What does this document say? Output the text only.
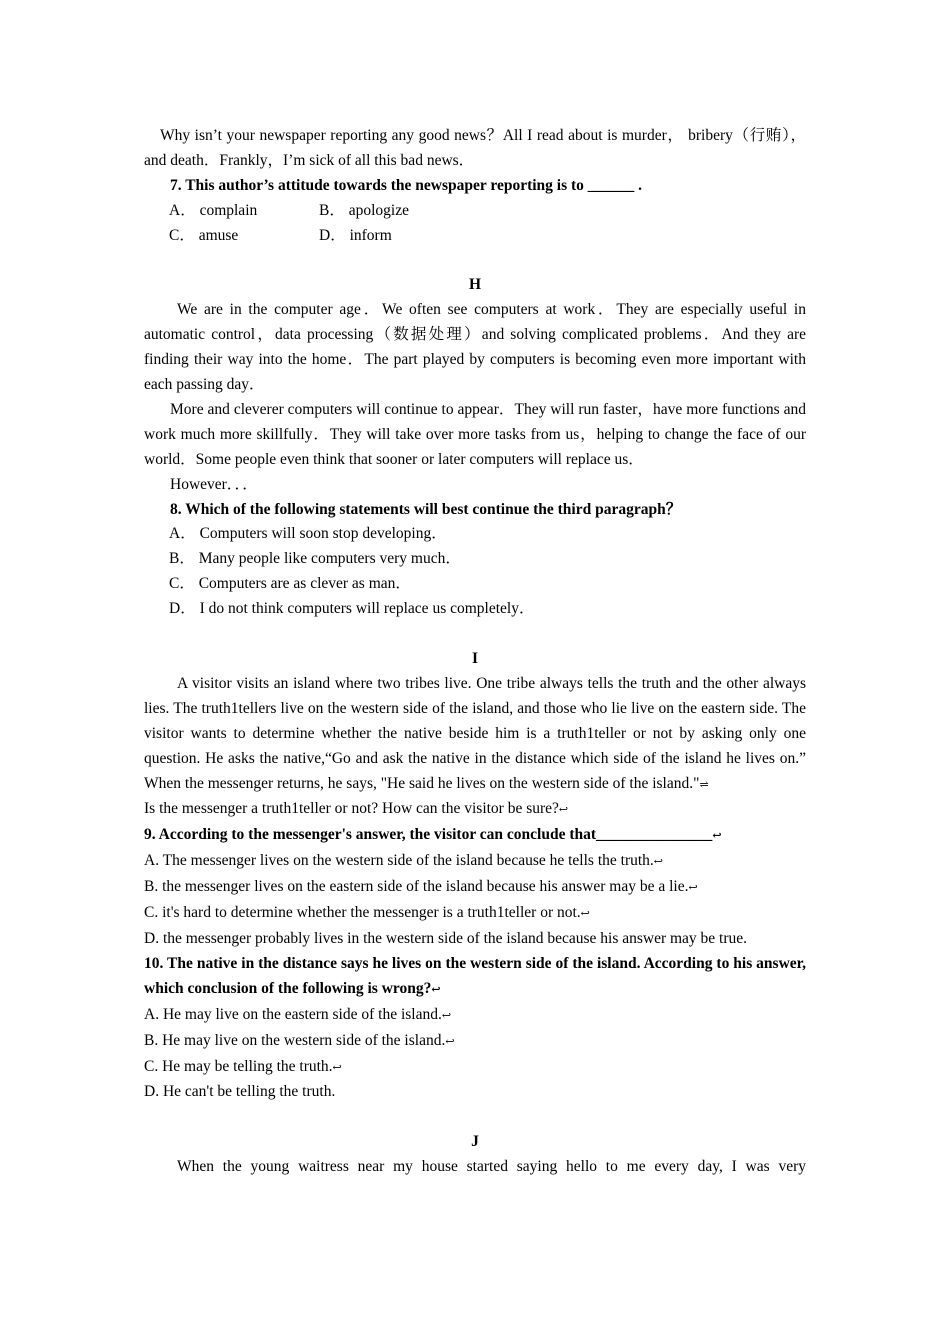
Why isn’t your newspaper reporting any good news？All I read about is murder， bribery（行贿），and death．Frankly，I’m sick of all this bad news．

7. This author’s attitude towards the newspaper reporting is to ______ .

A． complain	B． apologize

C． amuse	D． inform

H

We are in the computer age．We often see computers at work．They are especially useful in automatic control，data processing（数据处理）and solving complicated problems．And they are finding their way into the home．The part played by computers is becoming even more important with each passing day．

More and cleverer computers will continue to appear．They will run faster，have more functions and work much more skillfully．They will take over more tasks from us，helping to change the face of our world．Some people even think that sooner or later computers will replace us．

However．．．

8. Which of the following statements will best continue the third paragraph？

A． Computers will soon stop developing．

B． Many people like computers very much．

C． Computers are as clever as man．

D． I do not think computers will replace us completely．

I

A visitor visits an island where two tribes live. One tribe always tells the truth and the other always lies. The truth1tellers live on the western side of the island, and those who lie live on the eastern side. The visitor wants to determine whether the native beside him is a truth1teller or not by asking only one question. He asks the native,“Go and ask the native in the distance which side of the island he lives on.” When the messenger returns, he says, "He said he lives on the western side of the island."⇌

Is the messenger a truth1teller or not? How can the visitor be sure?↩

9. According to the messenger's answer, the visitor can conclude that_______________↩

A. The messenger lives on the western side of the island because he tells the truth.↩

B. the messenger lives on the eastern side of the island because his answer may be a lie.↩

C. it's hard to determine whether the messenger is a truth1teller or not.↩

D. the messenger probably lives in the western side of the island because his answer may be true.

10. The native in the distance says he lives on the western side of the island. According to his answer, which conclusion of the following is wrong?↩

A. He may live on the eastern side of the island.↩

B. He may live on the western side of the island.↩

C. He may be telling the truth.↩

D. He can't be telling the truth.

J

When the young waitress near my house started saying hello to me every day, I was very
